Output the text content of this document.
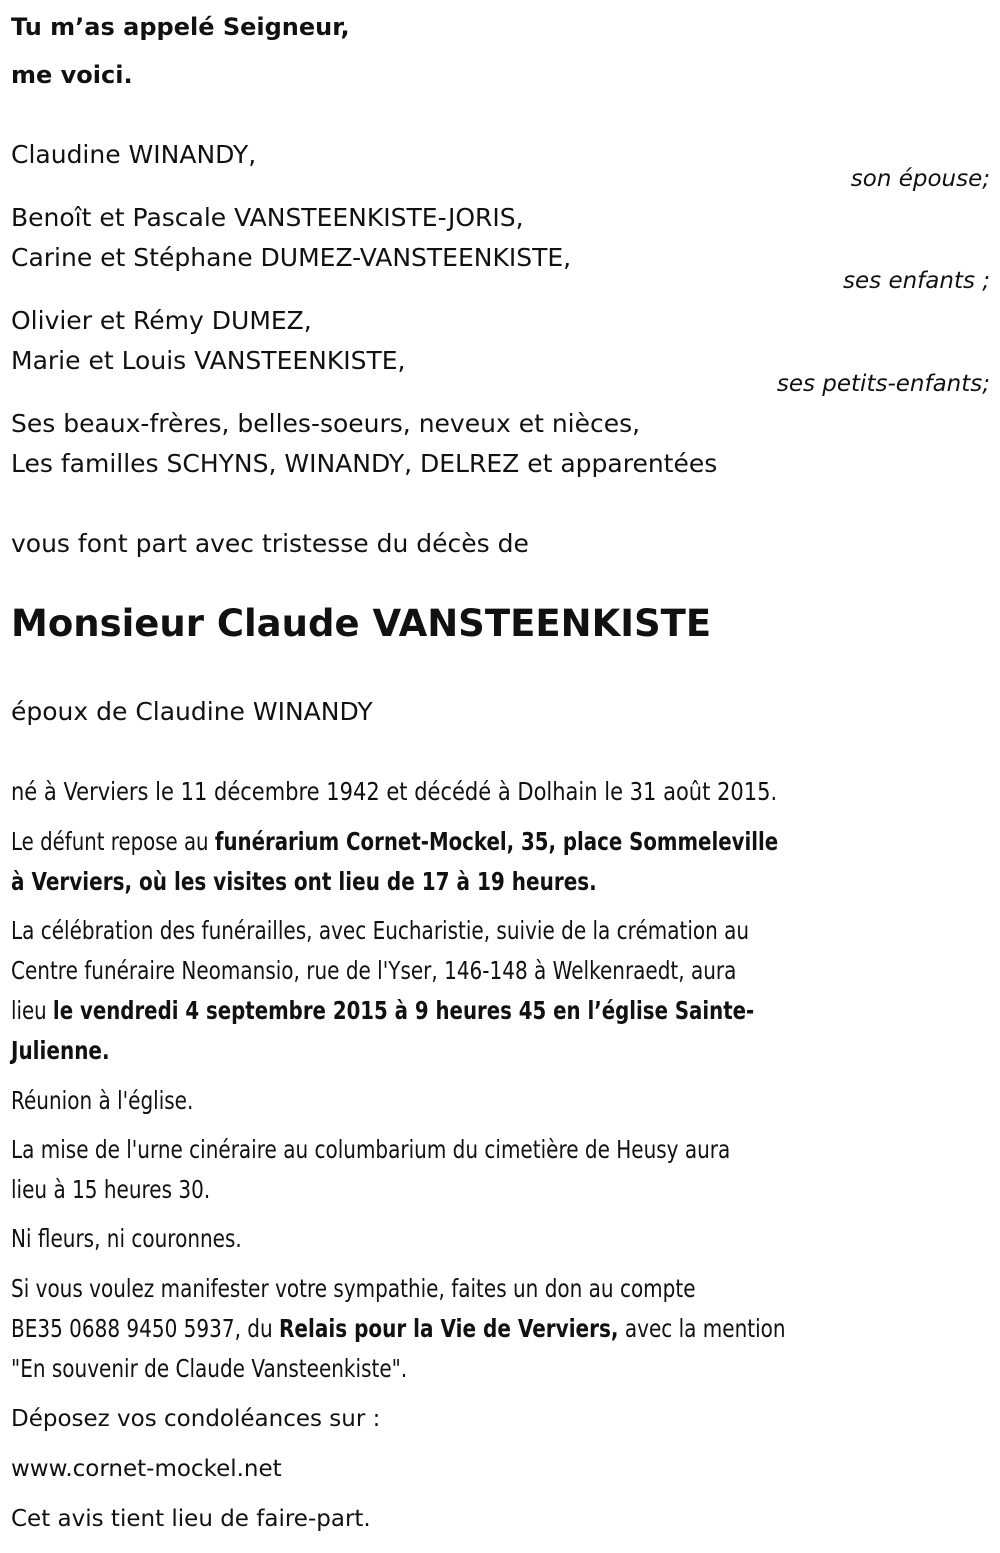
Tu m’as appelé Seigneur,
me voici.
Claudine WINANDY,
son épouse;
Benoît et Pascale VANSTEENKISTE-JORIS,
Carine et Stéphane DUMEZ-VANSTEENKISTE,
ses enfants ;
Olivier et Rémy DUMEZ,
Marie et Louis VANSTEENKISTE,
ses petits-enfants;
Ses beaux-frères, belles-soeurs, neveux et nièces,
Les familles SCHYNS, WINANDY, DELREZ et apparentées
vous font part avec tristesse du décès de
Monsieur Claude VANSTEENKISTE
époux de Claudine WINANDY
né à Verviers le 11 décembre 1942 et décédé à Dolhain le 31 août 2015.
Le défunt repose au funérarium Cornet-Mockel, 35, place Sommeleville
à Verviers, où les visites ont lieu de 17 à 19 heures.
La célébration des funérailles, avec Eucharistie, suivie de la crémation au
Centre funéraire Neomansio, rue de l'Yser, 146-148 à Welkenraedt, aura
lieu le vendredi 4 septembre 2015 à 9 heures 45 en l’église Sainte-
Julienne.
Réunion à l'église.
La mise de l'urne cinéraire au columbarium du cimetière de Heusy aura
lieu à 15 heures 30.
Ni fleurs, ni couronnes.
Si vous voulez manifester votre sympathie, faites un don au compte
BE35 0688 9450 5937, du Relais pour la Vie de Verviers, avec la mention
"En souvenir de Claude Vansteenkiste".
Déposez vos condoléances sur :
www.cornet-mockel.net
Cet avis tient lieu de faire-part.
